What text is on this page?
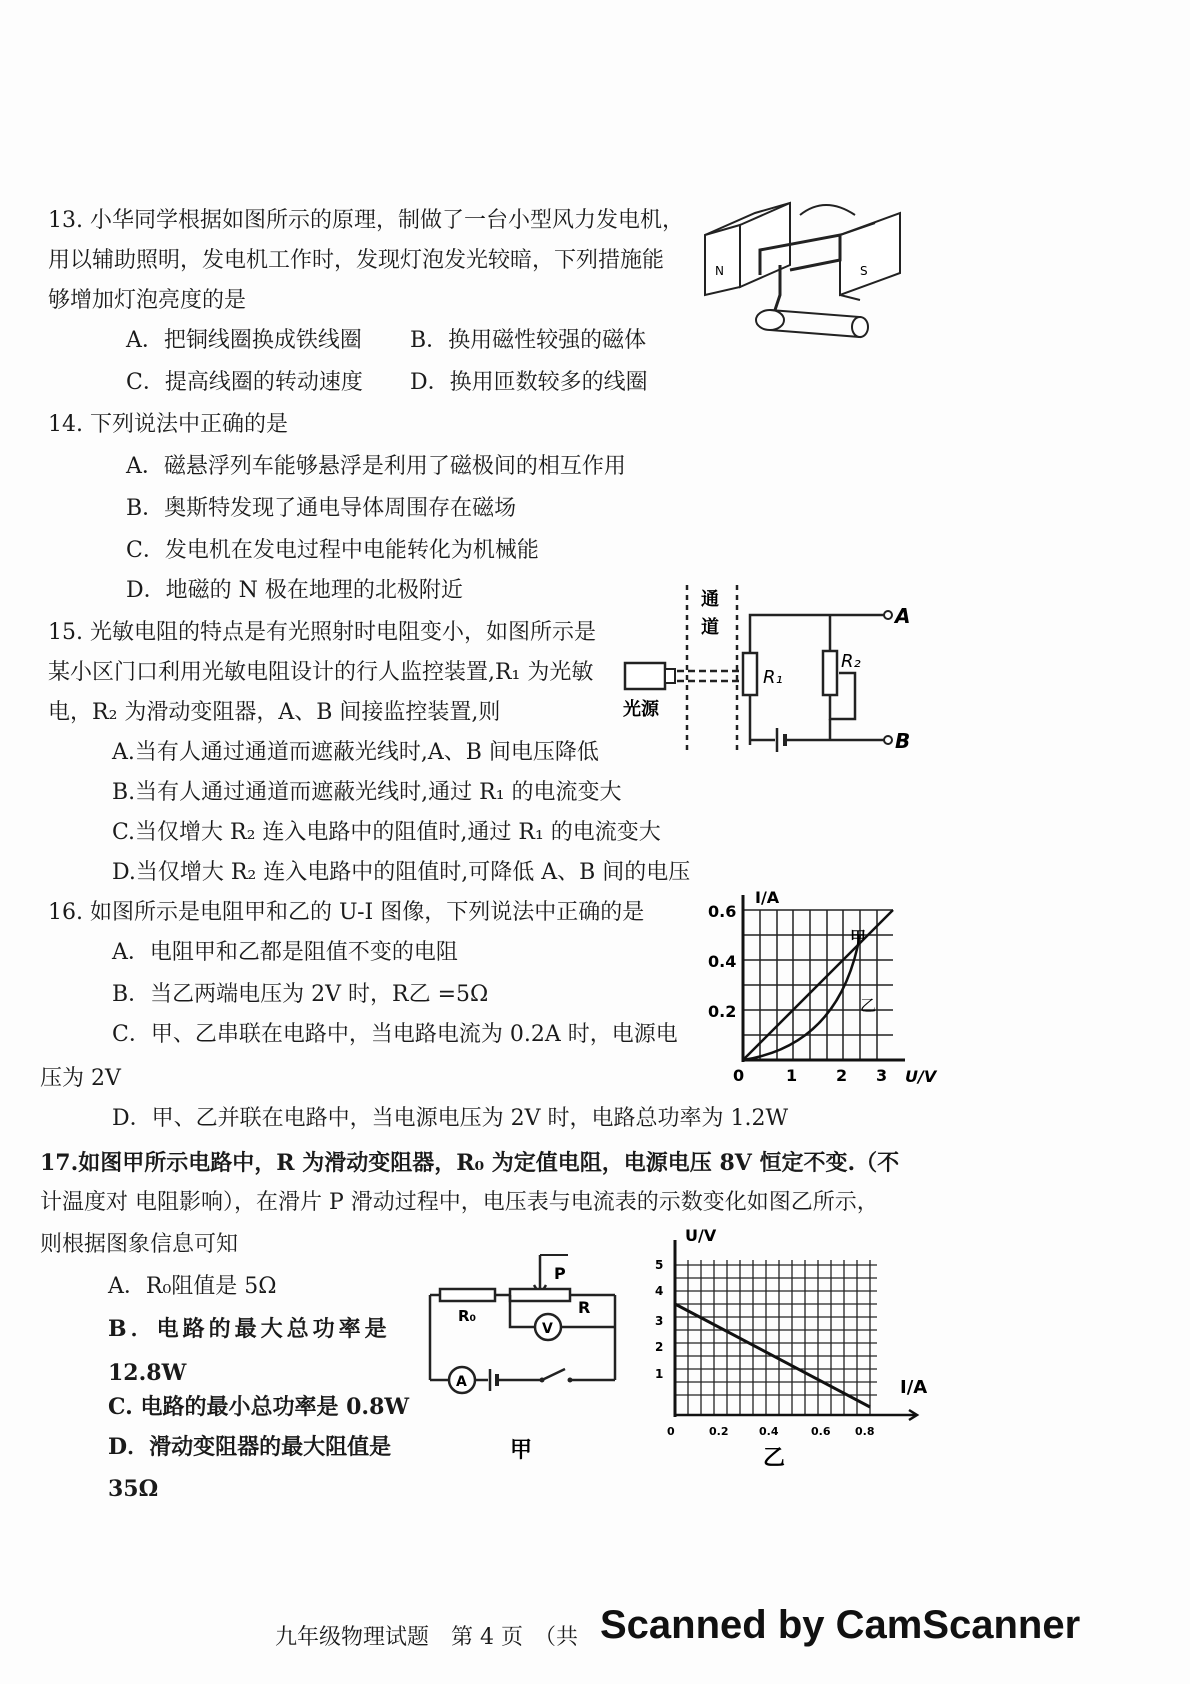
13. 小华同学根据如图所示的原理，制做了一台小型风力发电机，
用以辅助照明，发电机工作时，发现灯泡发光较暗，下列措施能
够增加灯泡亮度的是
A．把铜线圈换成铁线圈 B．换用磁性较强的磁体
C．提高线圈的转动速度 D．换用匝数较多的线圈
N	S
14. 下列说法中正确的是
A．磁悬浮列车能够悬浮是利用了磁极间的相互作用
B．奥斯特发现了通电导体周围存在磁场
C．发电机在发电过程中电能转化为机械能
D．地磁的 N 极在地理的北极附近
15. 光敏电阻的特点是有光照射时电阻变小，如图所示是
某小区门口利用光敏电阻设计的行人监控装置,R₁ 为光敏
电，R₂ 为滑动变阻器，A、B 间接监控装置,则
A.当有人通过通道而遮蔽光线时,A、B 间电压降低
B.当有人通过通道而遮蔽光线时,通过 R₁ 的电流变大
C.当仅增大 R₂ 连入电路中的阻值时,通过 R₁ 的电流变大
D.当仅增大 R₂ 连入电路中的阻值时,可降低 A、B 间的电压
通
道
光源
A
R₁
R₂
B
16. 如图所示是电阻甲和乙的 U-I 图像，下列说法中正确的是
A．电阻甲和乙都是阻值不变的电阻
B．当乙两端电压为 2V 时，R乙 =5Ω
C．甲、乙串联在电路中，当电路电流为 0.2A 时，电源电
压为 2V
D．甲、乙并联在电路中，当电源电压为 2V 时，电路总功率为 1.2W
I/A
U/V
0.6
0.4
0.2
0	1 2 3
甲
乙
17.如图甲所示电路中，R 为滑动变阻器，R₀ 为定值电阻，电源电压 8V 恒定不变.（不
计温度对 电阻影响），在滑片 P 滑动过程中，电压表与电流表的示数变化如图乙所示，
则根据图象信息可知
A．R₀阻值是 5Ω
B．电路的最大总功率是
12.8W
C. 电路的最小总功率是 0.8W
D．滑动变阻器的最大阻值是
35Ω
P
R₀	R
V
A
甲
U/V
I/A
5
4
3
2
1
0	0.2	0.4	0.6 0.8
乙
九年级物理试题　第 4 页　（共 Scanned by CamScanner
